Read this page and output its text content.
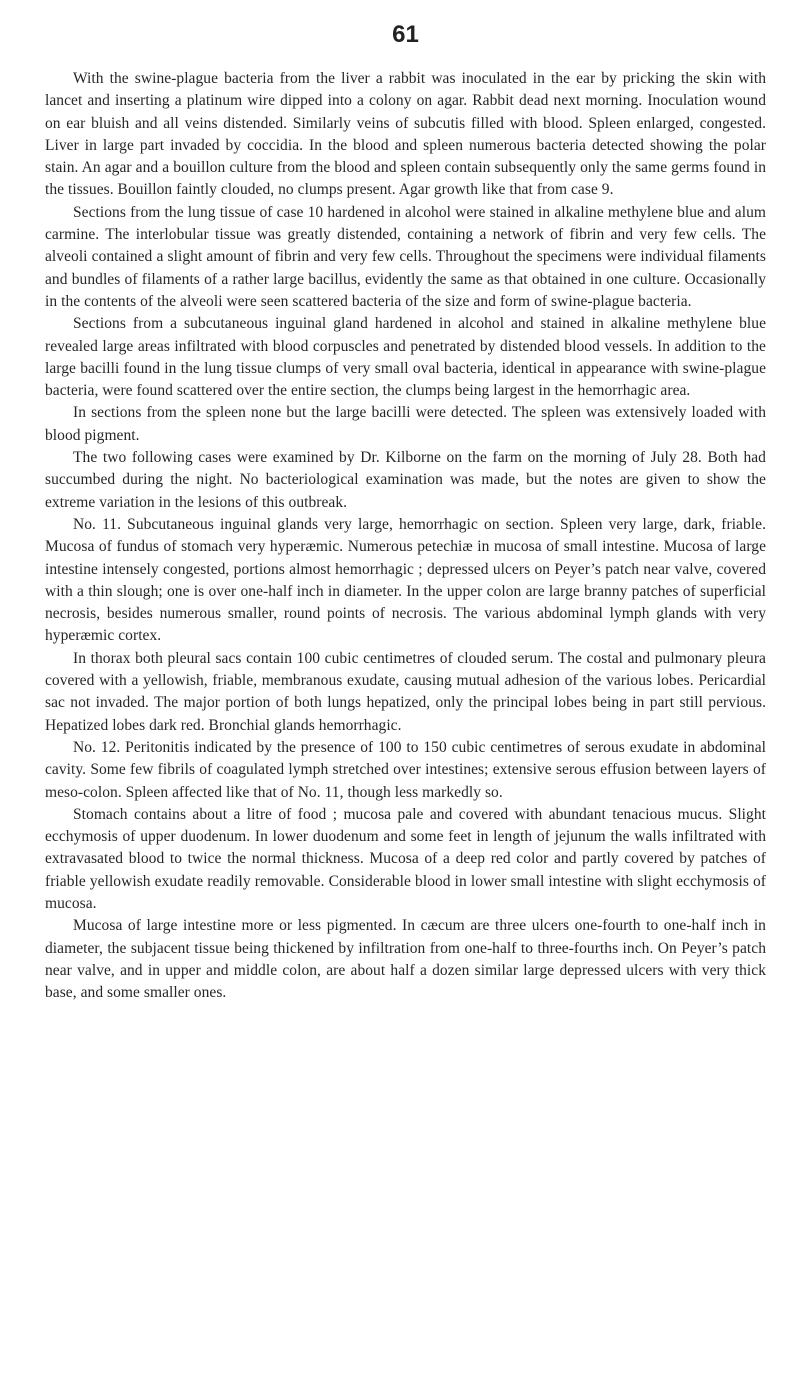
61

With the swine-plague bacteria from the liver a rabbit was inoculated in the ear by pricking the skin with lancet and inserting a platinum wire dipped into a colony on agar. Rabbit dead next morning. Inoculation wound on ear bluish and all veins distended. Similarly veins of subcutis filled with blood. Spleen enlarged, congested. Liver in large part invaded by coccidia. In the blood and spleen numerous bacteria detected showing the polar stain. An agar and a bouillon culture from the blood and spleen contain subsequently only the same germs found in the tissues. Bouillon faintly clouded, no clumps present. Agar growth like that from case 9.

Sections from the lung tissue of case 10 hardened in alcohol were stained in alkaline methylene blue and alum carmine. The interlobular tissue was greatly distended, containing a network of fibrin and very few cells. The alveoli contained a slight amount of fibrin and very few cells. Throughout the specimens were individual filaments and bundles of filaments of a rather large bacillus, evidently the same as that obtained in one culture. Occasionally in the contents of the alveoli were seen scattered bacteria of the size and form of swine-plague bacteria.

Sections from a subcutaneous inguinal gland hardened in alcohol and stained in alkaline methylene blue revealed large areas infiltrated with blood corpuscles and penetrated by distended blood vessels. In addition to the large bacilli found in the lung tissue clumps of very small oval bacteria, identical in appearance with swine-plague bacteria, were found scattered over the entire section, the clumps being largest in the hemorrhagic area.

In sections from the spleen none but the large bacilli were detected. The spleen was extensively loaded with blood pigment.

The two following cases were examined by Dr. Kilborne on the farm on the morning of July 28. Both had succumbed during the night. No bacteriological examination was made, but the notes are given to show the extreme variation in the lesions of this outbreak.

No. 11. Subcutaneous inguinal glands very large, hemorrhagic on section. Spleen very large, dark, friable. Mucosa of fundus of stomach very hyperæmic. Numerous petechiæ in mucosa of small intestine. Mucosa of large intestine intensely congested, portions almost hemorrhagic ; depressed ulcers on Peyer’s patch near valve, covered with a thin slough; one is over one-half inch in diameter. In the upper colon are large branny patches of superficial necrosis, besides numerous smaller, round points of necrosis. The various abdominal lymph glands with very hyperæmic cortex.

In thorax both pleural sacs contain 100 cubic centimetres of clouded serum. The costal and pulmonary pleura covered with a yellowish, friable, membranous exudate, causing mutual adhesion of the various lobes. Pericardial sac not invaded. The major portion of both lungs hepatized, only the principal lobes being in part still pervious. Hepatized lobes dark red. Bronchial glands hemorrhagic.

No. 12. Peritonitis indicated by the presence of 100 to 150 cubic centimetres of serous exudate in abdominal cavity. Some few fibrils of coagulated lymph stretched over intestines; extensive serous effusion between layers of meso-colon. Spleen affected like that of No. 11, though less markedly so.

Stomach contains about a litre of food ; mucosa pale and covered with abundant tenacious mucus. Slight ecchymosis of upper duodenum. In lower duodenum and some feet in length of jejunum the walls infiltrated with extravasated blood to twice the normal thickness. Mucosa of a deep red color and partly covered by patches of friable yellowish exudate readily removable. Considerable blood in lower small intestine with slight ecchymosis of mucosa.

Mucosa of large intestine more or less pigmented. In cæcum are three ulcers one-fourth to one-half inch in diameter, the subjacent tissue being thickened by infiltration from one-half to three-fourths inch. On Peyer’s patch near valve, and in upper and middle colon, are about half a dozen similar large depressed ulcers with very thick base, and some smaller ones.
